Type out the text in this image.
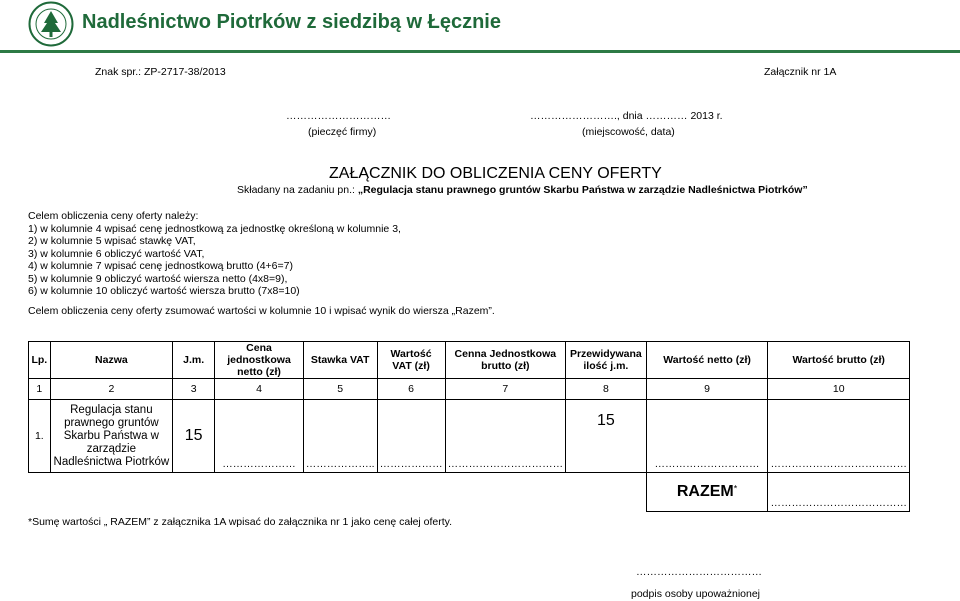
Nadleśnictwo Piotrków z siedzibą w Łęcznie
Znak spr.: ZP-2717-38/2013	Załącznik nr 1A
…………………………
(pieczęć firmy)
……………………., dnia ………… 2013 r.
(miejscowość, data)
ZAŁĄCZNIK DO OBLICZENIA CENY OFERTY
Składany na zadaniu pn.: „Regulacja stanu prawnego gruntów Skarbu Państwa w zarządzie Nadleśnictwa Piotrków”
Celem obliczenia ceny oferty należy:
1) w kolumnie 4 wpisać cenę jednostkową za jednostkę określoną w kolumnie 3,
2) w kolumnie 5 wpisać stawkę VAT,
3) w kolumnie 6 obliczyć wartość VAT,
4) w kolumnie 7 wpisać cenę jednostkową brutto (4+6=7)
5) w kolumnie 9 obliczyć wartość wiersza netto (4x8=9),
6) w kolumnie 10 obliczyć wartość wiersza brutto (7x8=10)
Celem obliczenia ceny oferty zsumować wartości w kolumnie 10 i wpisać wynik do wiersza „Razem”.
Lp.	Nazwa	J.m.	Cena jednostkowa netto (zł)	Stawka VAT	Wartość VAT (zł)	Cenna Jednostkowa brutto (zł)	Przewidywana ilość j.m.	Wartość netto (zł)	Wartość brutto (zł)
1	2	3	4	5	6	7	8	9	10
1.	Regulacja stanu prawnego gruntów Skarbu Państwa w zarządzie Nadleśnictwa Piotrków	15	…………………	………………..	………………	……………………………	15	…………………………	…………………………………
								RAZEM*	…………………………………
*Sumę wartości „ RAZEM” z załącznika 1A wpisać do załącznika nr 1 jako cenę całej oferty.
………………………………
podpis osoby upoważnionej
